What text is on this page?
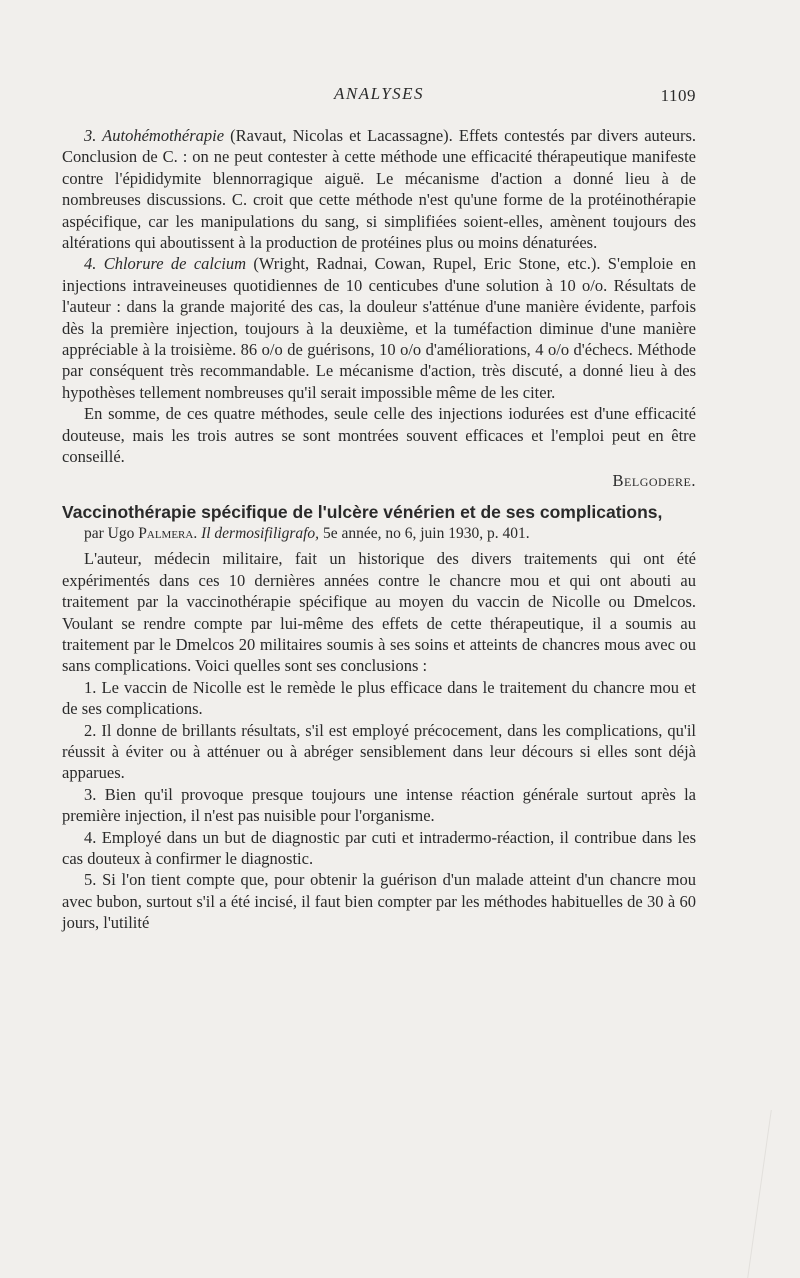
ANALYSES	1109

3. Autohémothérapie (Ravaut, Nicolas et Lacassagne). Effets contestés par divers auteurs. Conclusion de C. : on ne peut contester à cette méthode une efficacité thérapeutique manifeste contre l'épididymite blennorragique aiguë. Le mécanisme d'action a donné lieu à de nombreuses discussions. C. croit que cette méthode n'est qu'une forme de la protéinothérapie aspécifique, car les manipulations du sang, si simplifiées soient-elles, amènent toujours des altérations qui aboutissent à la production de protéines plus ou moins dénaturées.

4. Chlorure de calcium (Wright, Radnai, Cowan, Rupel, Eric Stone, etc.). S'emploie en injections intraveineuses quotidiennes de 10 centicubes d'une solution à 10 o/o. Résultats de l'auteur : dans la grande majorité des cas, la douleur s'atténue d'une manière évidente, parfois dès la première injection, toujours à la deuxième, et la tuméfaction diminue d'une manière appréciable à la troisième. 86 o/o de guérisons, 10 o/o d'améliorations, 4 o/o d'échecs. Méthode par conséquent très recommandable. Le mécanisme d'action, très discuté, a donné lieu à des hypothèses tellement nombreuses qu'il serait impossible même de les citer.

En somme, de ces quatre méthodes, seule celle des injections iodurées est d'une efficacité douteuse, mais les trois autres se sont montrées souvent efficaces et l'emploi peut en être conseillé.

Belgodere.

Vaccinothérapie spécifique de l'ulcère vénérien et de ses complications,

par Ugo Palmera. Il dermosifiligrafo, 5e année, no 6, juin 1930, p. 401.

L'auteur, médecin militaire, fait un historique des divers traitements qui ont été expérimentés dans ces 10 dernières années contre le chancre mou et qui ont abouti au traitement par la vaccinothérapie spécifique au moyen du vaccin de Nicolle ou Dmelcos. Voulant se rendre compte par lui-même des effets de cette thérapeutique, il a soumis au traitement par le Dmelcos 20 militaires soumis à ses soins et atteints de chancres mous avec ou sans complications. Voici quelles sont ses conclusions :

1. Le vaccin de Nicolle est le remède le plus efficace dans le traitement du chancre mou et de ses complications.

2. Il donne de brillants résultats, s'il est employé précocement, dans les complications, qu'il réussit à éviter ou à atténuer ou à abréger sensiblement dans leur décours si elles sont déjà apparues.

3. Bien qu'il provoque presque toujours une intense réaction générale surtout après la première injection, il n'est pas nuisible pour l'organisme.

4. Employé dans un but de diagnostic par cuti et intradermo-réaction, il contribue dans les cas douteux à confirmer le diagnostic.

5. Si l'on tient compte que, pour obtenir la guérison d'un malade atteint d'un chancre mou avec bubon, surtout s'il a été incisé, il faut bien compter par les méthodes habituelles de 30 à 60 jours, l'utilité
